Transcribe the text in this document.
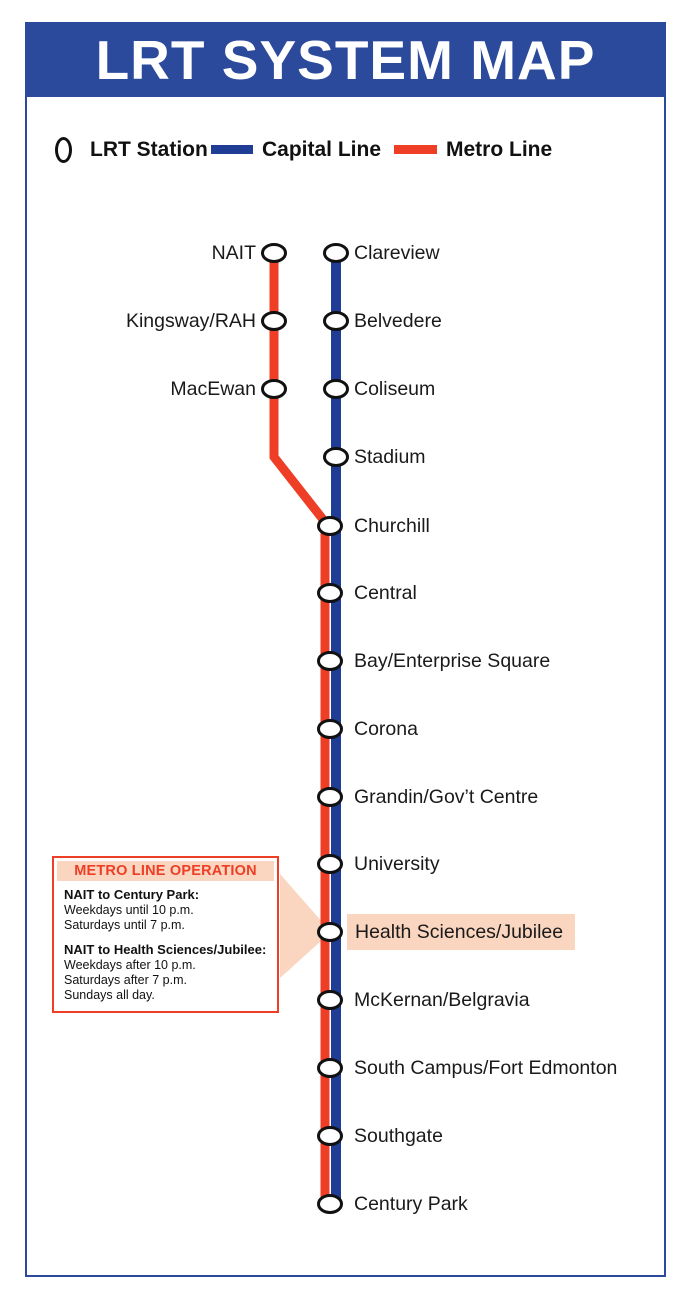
LRT SYSTEM MAP
LRT Station	Capital Line	Metro Line
NAIT
Kingsway/RAH
MacEwan
Clareview
Belvedere
Coliseum
Stadium
Churchill
Central
Bay/Enterprise Square
Corona
Grandin/Gov’t Centre
University
Health Sciences/Jubilee
McKernan/Belgravia
South Campus/Fort Edmonton
Southgate
Century Park
METRO LINE OPERATION
NAIT to Century Park:
Weekdays until 10 p.m.
Saturdays until 7 p.m.
NAIT to Health Sciences/Jubilee:
Weekdays after 10 p.m.
Saturdays after 7 p.m.
Sundays all day.
